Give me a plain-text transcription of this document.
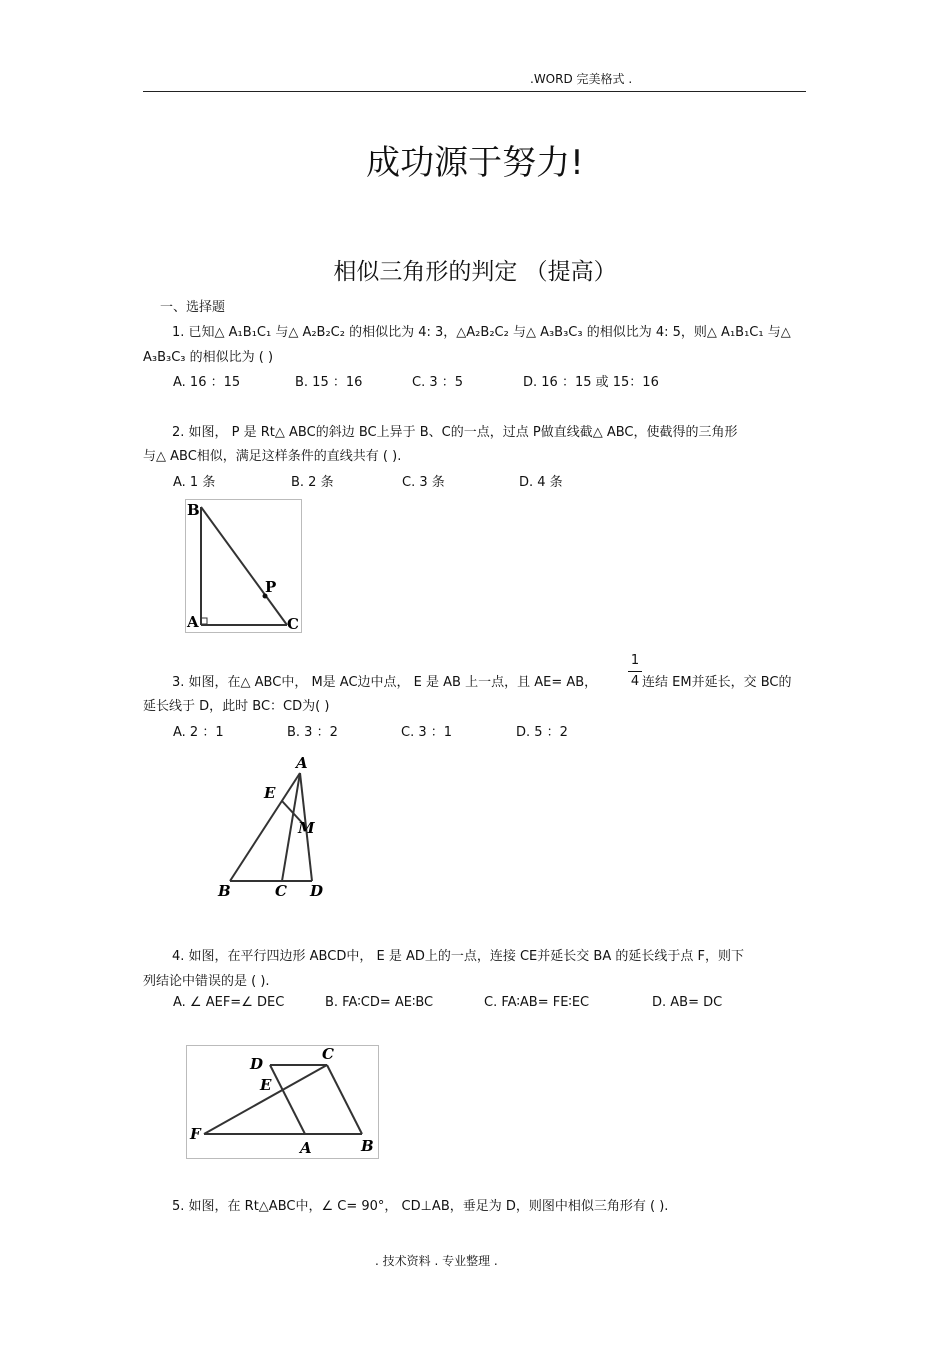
.WORD 完美格式 .
成功源于努力!
相似三角形的判定 （提高）
一、选择题
1. 已知△ A₁B₁C₁ 与△ A₂B₂C₂ 的相似比为 4: 3，△A₂B₂C₂ 与△ A₃B₃C₃ 的相似比为 4: 5，则△ A₁B₁C₁ 与△
A₃B₃C₃ 的相似比为 ( )
A. 16 ：15	B. 15 ：16	C. 3 ：5	D. 16 ：15 或 15：16
2. 如图， P 是 Rt△ ABC的斜边 BC上异于 B、C的一点，过点 P做直线截△ ABC，使截得的三角形
与△ ABC相似，满足这样条件的直线共有 ( ).
A. 1 条	B. 2 条	C. 3 条	D. 4 条
B
A	C
P
3. 如图，在△ ABC中， M是 AC边中点， E 是 AB 上一点，且 AE= AB，
1
4 连结 EM并延长，交 BC的
延长线于 D，此时 BC：CD为( )
A. 2 ：1	B. 3 ：2	C. 3 ：1	D. 5 ：2
A
E
M
B	C D
4. 如图，在平行四边形 ABCD中， E 是 AD上的一点，连接 CE并延长交 BA 的延长线于点 F，则下
列结论中错误的是 ( ).
A. ∠ AEF=∠ DEC	B. FA∶CD= AE∶BC	C. FA∶AB= FE∶EC	D. AB= DC
D
C
E
F
A	B
5. 如图，在 Rt△ABC中，∠ C= 90°， CD⊥AB，垂足为 D，则图中相似三角形有 ( ).
. 技术资料 . 专业整理 .
